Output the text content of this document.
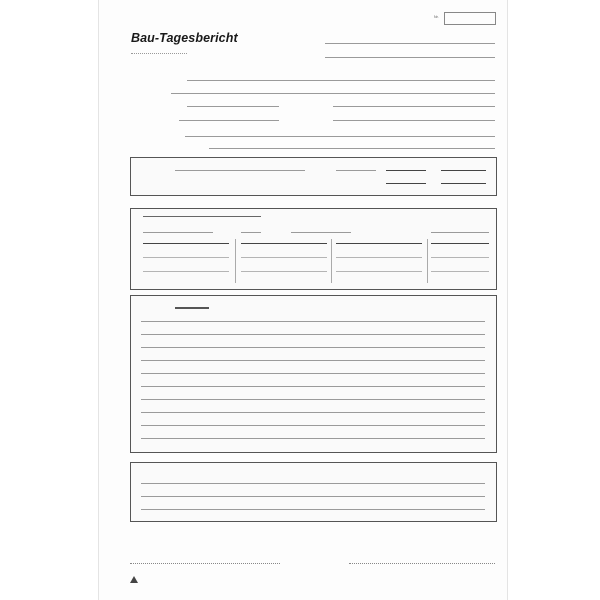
Nr.
Bau-Tagesbericht
